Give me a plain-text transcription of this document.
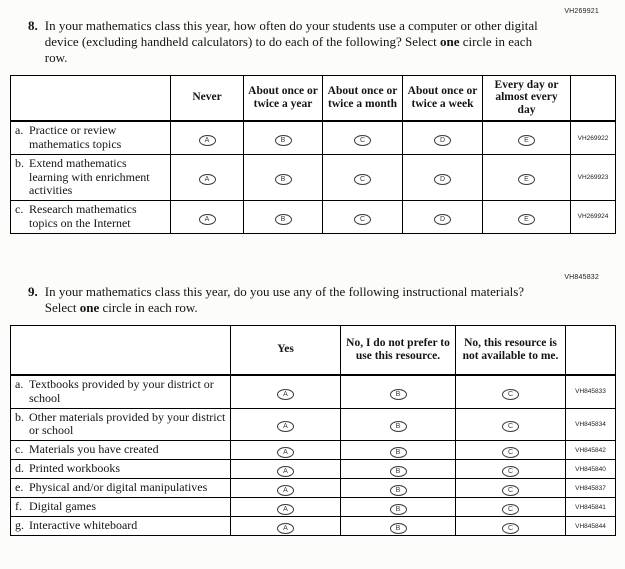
VH269921
8. In your mathematics class this year, how often do your students use a computer or other digital device (excluding handheld calculators) to do each of the following? Select one circle in each row.
	Never	About once or twice a year	About once or twice a month	About once or twice a week	Every day or almost every day	

a. Practice or review mathematics topics	A	B	C	D	E	VH269922

b. Extend mathematics learning with enrichment activities	A	B	C	D	E	VH269923

c. Research mathematics topics on the Internet	A	B	C	D	E	VH269924
VH845832
9. In your mathematics class this year, do you use any of the following instructional materials? Select one circle in each row.
	Yes	No, I do not prefer to use this resource.	No, this resource is not available to me.	

a. Textbooks provided by your district or school	A	B	C	VH845833

b. Other materials provided by your district or school	A	B	C	VH845834

c. Materials you have created	A	B	C	VH845842

d. Printed workbooks	A	B	C	VH845840

e. Physical and/or digital manipulatives	A	B	C	VH845837

f. Digital games	A	B	C	VH845841

g. Interactive whiteboard	A	B	C	VH845844
